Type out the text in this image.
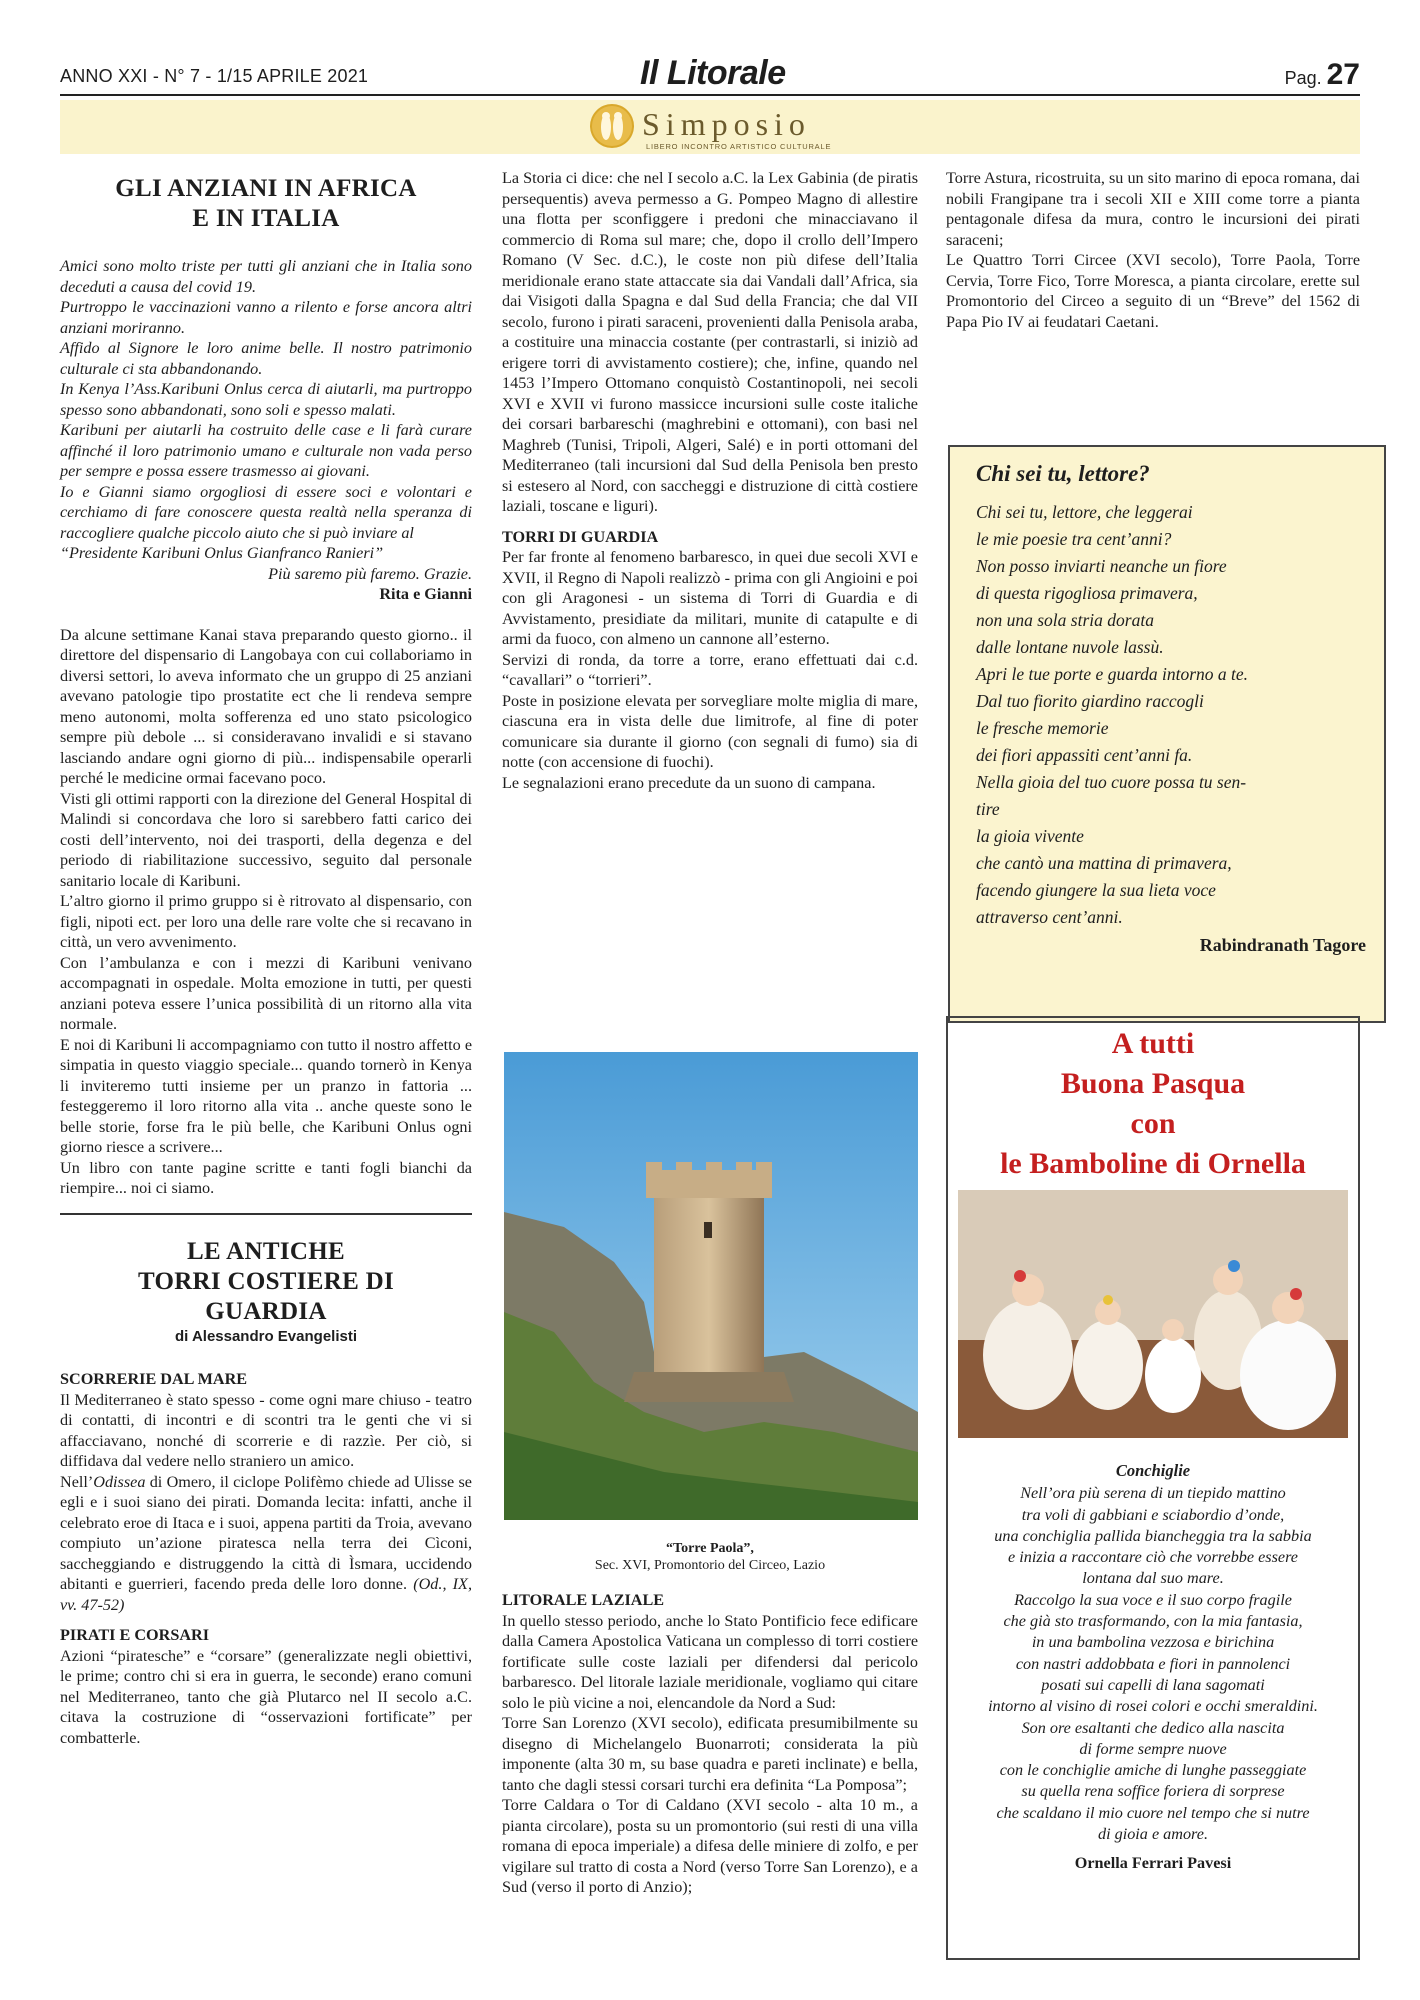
ANNO XXI - N° 7 - 1/15 APRILE 2021	Il Litorale	Pag. 27
Simposio
LIBERO INCONTRO ARTISTICO CULTURALE
GLI ANZIANI IN AFRICA
E IN ITALIA

Amici sono molto triste per tutti gli anziani che in Italia sono deceduti a causa del covid 19.

Purtroppo le vaccinazioni vanno a rilento e forse ancora altri anziani moriranno.

Affido al Signore le loro anime belle. Il nostro patrimonio culturale ci sta abbandonando.

In Kenya l’Ass.Karibuni Onlus cerca di aiutarli, ma purtroppo spesso sono abbandonati, sono soli e spesso malati.

Karibuni per aiutarli ha costruito delle case e li farà curare affinché il loro patrimonio umano e culturale non vada perso per sempre e possa essere trasmesso ai giovani.

Io e Gianni siamo orgogliosi di essere soci e volontari e cerchiamo di fare conoscere questa realtà nella speranza di raccogliere qualche piccolo aiuto che si può inviare al

“Presidente Karibuni Onlus Gianfranco Ranieri”

Più saremo più faremo. Grazie.

Rita e Gianni

Da alcune settimane Kanai stava preparando questo giorno.. il direttore del dispensario di Langobaya con cui collaboriamo in diversi settori, lo aveva informato che un gruppo di 25 anziani avevano patologie tipo prostatite ect che li rendeva sempre meno autonomi, molta sofferenza ed uno stato psicologico sempre più debole ... si consideravano invalidi e si stavano lasciando andare ogni giorno di più... indispensabile operarli perché le medicine ormai facevano poco.

Visti gli ottimi rapporti con la direzione del General Hospital di Malindi si concordava che loro si sarebbero fatti carico dei costi dell’intervento, noi dei trasporti, della degenza e del periodo di riabilitazione successivo, seguito dal personale sanitario locale di Karibuni.

L’altro giorno il primo gruppo si è ritrovato al dispensario, con figli, nipoti ect. per loro una delle rare volte che si recavano in città, un vero avvenimento.

Con l’ambulanza e con i mezzi di Karibuni venivano accompagnati in ospedale. Molta emozione in tutti, per questi anziani poteva essere l’unica possibilità di un ritorno alla vita normale.

E noi di Karibuni li accompagniamo con tutto il nostro affetto e simpatia in questo viaggio speciale... quando tornerò in Kenya li inviteremo tutti insieme per un pranzo in fattoria ... festeggeremo il loro ritorno alla vita .. anche queste sono le belle storie, forse fra le più belle, che Karibuni Onlus ogni giorno riesce a scrivere...

Un libro con tante pagine scritte e tanti fogli bianchi da riempire... noi ci siamo.

LE ANTICHE
TORRI COSTIERE DI
GUARDIA
di Alessandro Evangelisti

SCORRERIE DAL MARE

Il Mediterraneo è stato spesso - come ogni mare chiuso - teatro di contatti, di incontri e di scontri tra le genti che vi si affacciavano, nonché di scorrerie e di razzìe. Per ciò, si diffidava dal vedere nello straniero un amico.

Nell’Odissea di Omero, il ciclope Polifèmo chiede ad Ulisse se egli e i suoi siano dei pirati. Domanda lecita: infatti, anche il celebrato eroe di Itaca e i suoi, appena partiti da Troia, avevano compiuto un’azione piratesca nella terra dei Cìconi, saccheggiando e distruggendo la città di Ìsmara, uccidendo abitanti e guerrieri, facendo preda delle loro donne. (Od., IX, vv. 47-52)

PIRATI E CORSARI

Azioni “piratesche” e “corsare” (generalizzate negli obiettivi, le prime; contro chi si era in guerra, le seconde) erano comuni nel Mediterraneo, tanto che già Plutarco nel II secolo a.C. citava la costruzione di “osservazioni fortificate” per combatterle.

La Storia ci dice: che nel I secolo a.C. la Lex Gabinia (de piratis persequentis) aveva permesso a G. Pompeo Magno di allestire una flotta per sconfiggere i predoni che minacciavano il commercio di Roma sul mare; che, dopo il crollo dell’Impero Romano (V Sec. d.C.), le coste non più difese dell’Italia meridionale erano state attaccate sia dai Vandali dall’Africa, sia dai Visigoti dalla Spagna e dal Sud della Francia; che dal VII secolo, furono i pirati saraceni, provenienti dalla Penisola araba, a costituire una minaccia costante (per contrastarli, si iniziò ad erigere torri di avvistamento costiere); che, infine, quando nel 1453 l’Impero Ottomano conquistò Costantinopoli, nei secoli XVI e XVII vi furono massicce incursioni sulle coste italiche dei corsari barbareschi (maghrebini e ottomani), con basi nel Maghreb (Tunisi, Tripoli, Algeri, Salé) e in porti ottomani del Mediterraneo (tali incursioni dal Sud della Penisola ben presto si estesero al Nord, con saccheggi e distruzione di città costiere laziali, toscane e liguri).

TORRI DI GUARDIA

Per far fronte al fenomeno barbaresco, in quei due secoli XVI e XVII, il Regno di Napoli realizzò - prima con gli Angioini e poi con gli Aragonesi - un sistema di Torri di Guardia e di Avvistamento, presidiate da militari, munite di catapulte e di armi da fuoco, con almeno un cannone all’esterno.

Servizi di ronda, da torre a torre, erano effettuati dai c.d. “cavallari” o “torrieri”.

Poste in posizione elevata per sorvegliare molte miglia di mare, ciascuna era in vista delle due limitrofe, al fine di poter comunicare sia durante il giorno (con segnali di fumo) sia di notte (con accensione di fuochi).

Le segnalazioni erano precedute da un suono di campana.

“Torre Paola”,
Sec. XVI, Promontorio del Circeo, Lazio

LITORALE LAZIALE

In quello stesso periodo, anche lo Stato Pontificio fece edificare dalla Camera Apostolica Vaticana un complesso di torri costiere fortificate sulle coste laziali per difendersi dal pericolo barbaresco. Del litorale laziale meridionale, vogliamo qui citare solo le più vicine a noi, elencandole da Nord a Sud:

Torre San Lorenzo (XVI secolo), edificata presumibilmente su disegno di Michelangelo Buonarroti; considerata la più imponente (alta 30 m, su base quadra e pareti inclinate) e bella, tanto che dagli stessi corsari turchi era definita “La Pomposa”;

Torre Caldara o Tor di Caldano (XVI secolo - alta 10 m., a pianta circolare), posta su un promontorio (sui resti di una villa romana di epoca imperiale) a difesa delle miniere di zolfo, e per vigilare sul tratto di costa a Nord (verso Torre San Lorenzo), e a Sud (verso il porto di Anzio);

Torre Astura, ricostruita, su un sito marino di epoca romana, dai nobili Frangipane tra i secoli XII e XIII come torre a pianta pentagonale difesa da mura, contro le incursioni dei pirati saraceni;

Le Quattro Torri Circee (XVI secolo), Torre Paola, Torre Cervia, Torre Fico, Torre Moresca, a pianta circolare, erette sul Promontorio del Circeo a seguito di un “Breve” del 1562 di Papa Pio IV ai feudatari Caetani.

Chi sei tu, lettore?
Chi sei tu, lettore, che leggerai
le mie poesie tra cent’anni?
Non posso inviarti neanche un fiore
di questa rigogliosa primavera,
non una sola stria dorata
dalle lontane nuvole lassù.
Apri le tue porte e guarda intorno a te.
Dal tuo fiorito giardino raccogli
le fresche memorie
dei fiori appassiti cent’anni fa.
Nella gioia del tuo cuore possa tu sen-
tire
la gioia vivente
che cantò una mattina di primavera,
facendo giungere la sua lieta voce
attraverso cent’anni.
Rabindranath Tagore
A tutti
Buona Pasqua
con
le Bamboline di Ornella
Conchiglie
Nell’ora più serena di un tiepido mattino
tra voli di gabbiani e sciabordio d’onde,
una conchiglia pallida biancheggia tra la sabbia
e inizia a raccontare ciò che vorrebbe essere
lontana dal suo mare.
Raccolgo la sua voce e il suo corpo fragile
che già sto trasformando, con la mia fantasia,
in una bambolina vezzosa e birichina
con nastri addobbata e fiori in pannolenci
posati sui capelli di lana sagomati
intorno al visino di rosei colori e occhi smeraldini.
Son ore esaltanti che dedico alla nascita
di forme sempre nuove
con le conchiglie amiche di lunghe passeggiate
su quella rena soffice foriera di sorprese
che scaldano il mio cuore nel tempo che si nutre
di gioia e amore.
Ornella Ferrari Pavesi
